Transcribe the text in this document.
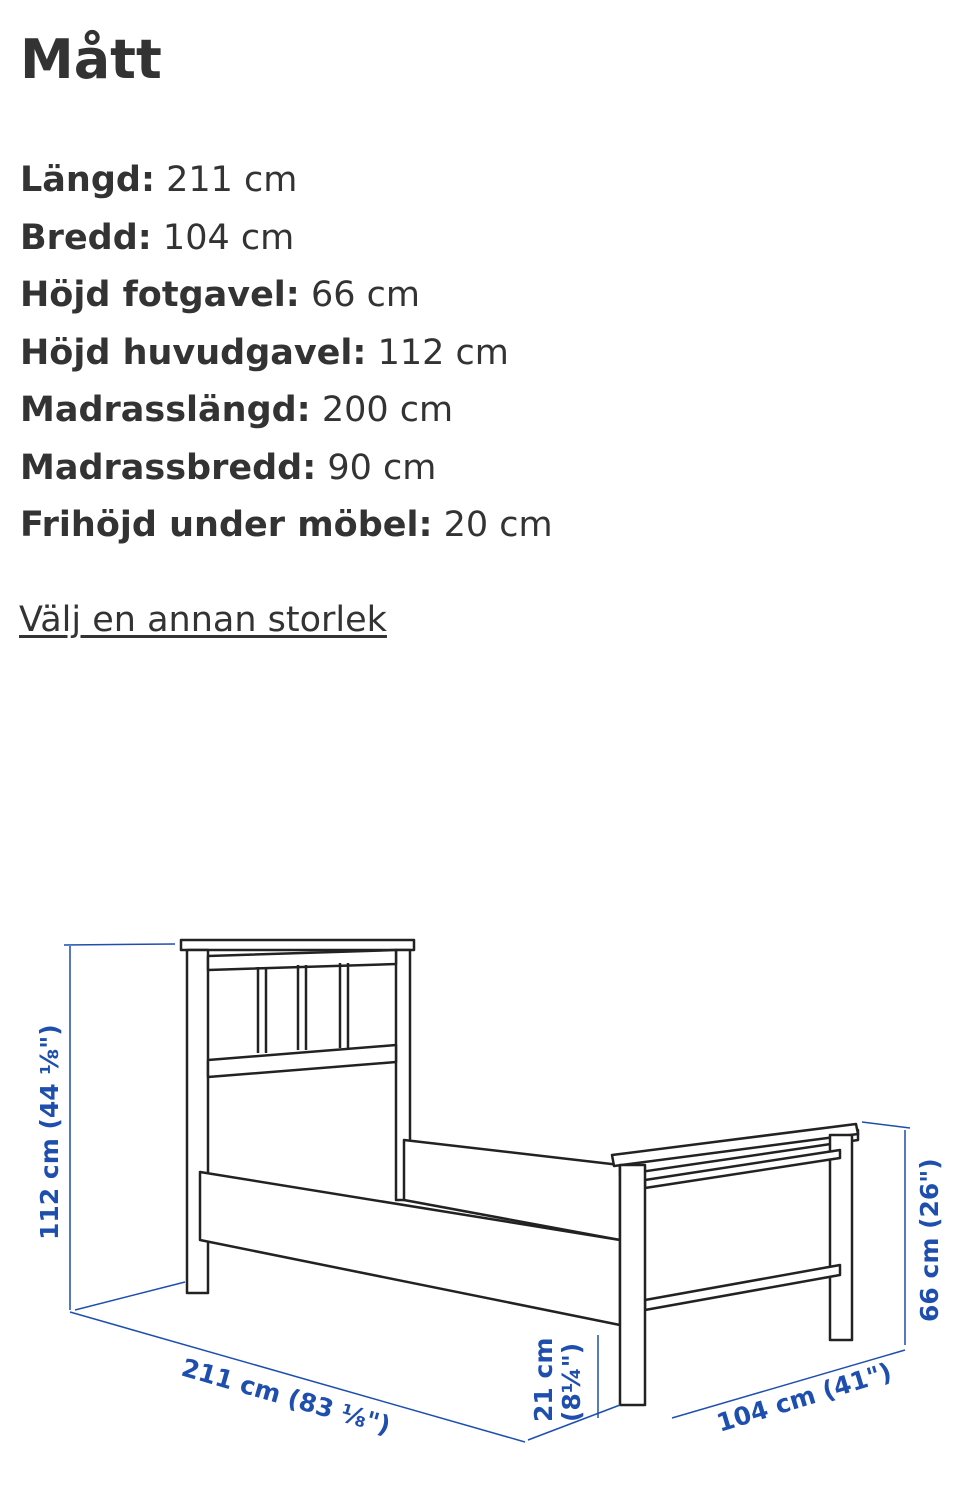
Mått
Längd: 211 cm
Bredd: 104 cm
Höjd fotgavel: 66 cm
Höjd huvudgavel: 112 cm
Madrasslängd: 200 cm
Madrassbredd: 90 cm
Frihöjd under möbel: 20 cm
Välj en annan storlek
112 cm (44 ⅛")
66 cm (26")
211 cm (83 ⅛")	104 cm (41")
21 cm (8¼")
